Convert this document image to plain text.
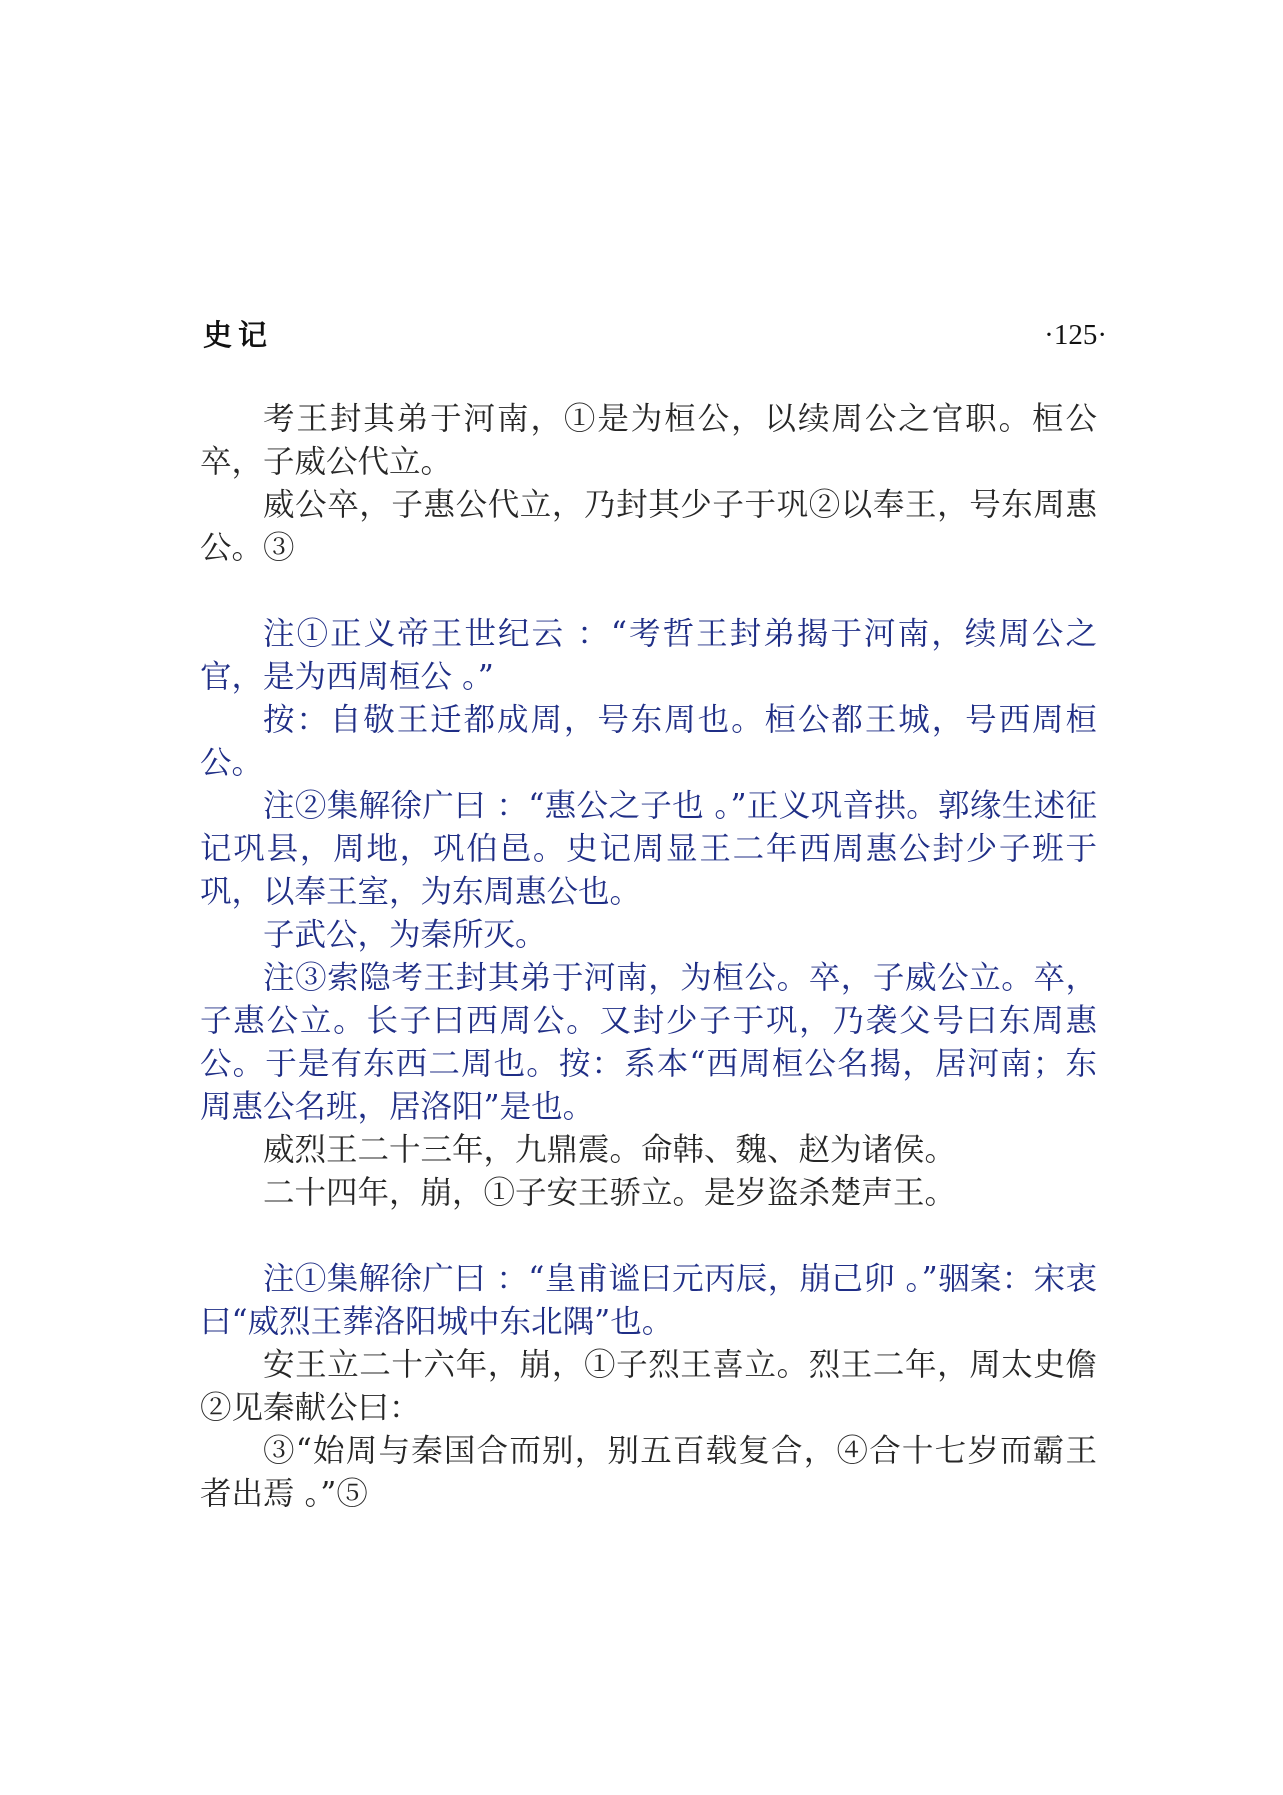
史记	·125·

考王封其弟于河南，①是为桓公，以续周公之官职。桓公卒，子威公代立。

威公卒，子惠公代立，乃封其少子于巩②以奉王，号东周惠公。③

注①正义帝王世纪云 ：“考哲王封弟揭于河南，续周公之官，是为西周桓公 。”

按：自敬王迁都成周，号东周也。桓公都王城，号西周桓公。

注②集解徐广曰 ：“惠公之子也 。”正义巩音拱。郭缘生述征记巩县，周地，巩伯邑。史记周显王二年西周惠公封少子班于巩，以奉王室，为东周惠公也。

子武公，为秦所灭。

注③索隐考王封其弟于河南，为桓公。卒，子威公立。卒，子惠公立。长子曰西周公。又封少子于巩，乃袭父号曰东周惠公。于是有东西二周也。按：系本“西周桓公名揭，居河南；东周惠公名班，居洛阳”是也。

威烈王二十三年，九鼎震。命韩、魏、赵为诸侯。

二十四年，崩，①子安王骄立。是岁盗杀楚声王。

注①集解徐广曰 ：“皇甫谧曰元丙辰，崩己卯 。”骃案：宋衷曰“威烈王葬洛阳城中东北隅”也。

安王立二十六年，崩，①子烈王喜立。烈王二年，周太史儋②见秦献公曰：

③“始周与秦国合而别，别五百载复合，④合十七岁而霸王者出焉 。”⑤
